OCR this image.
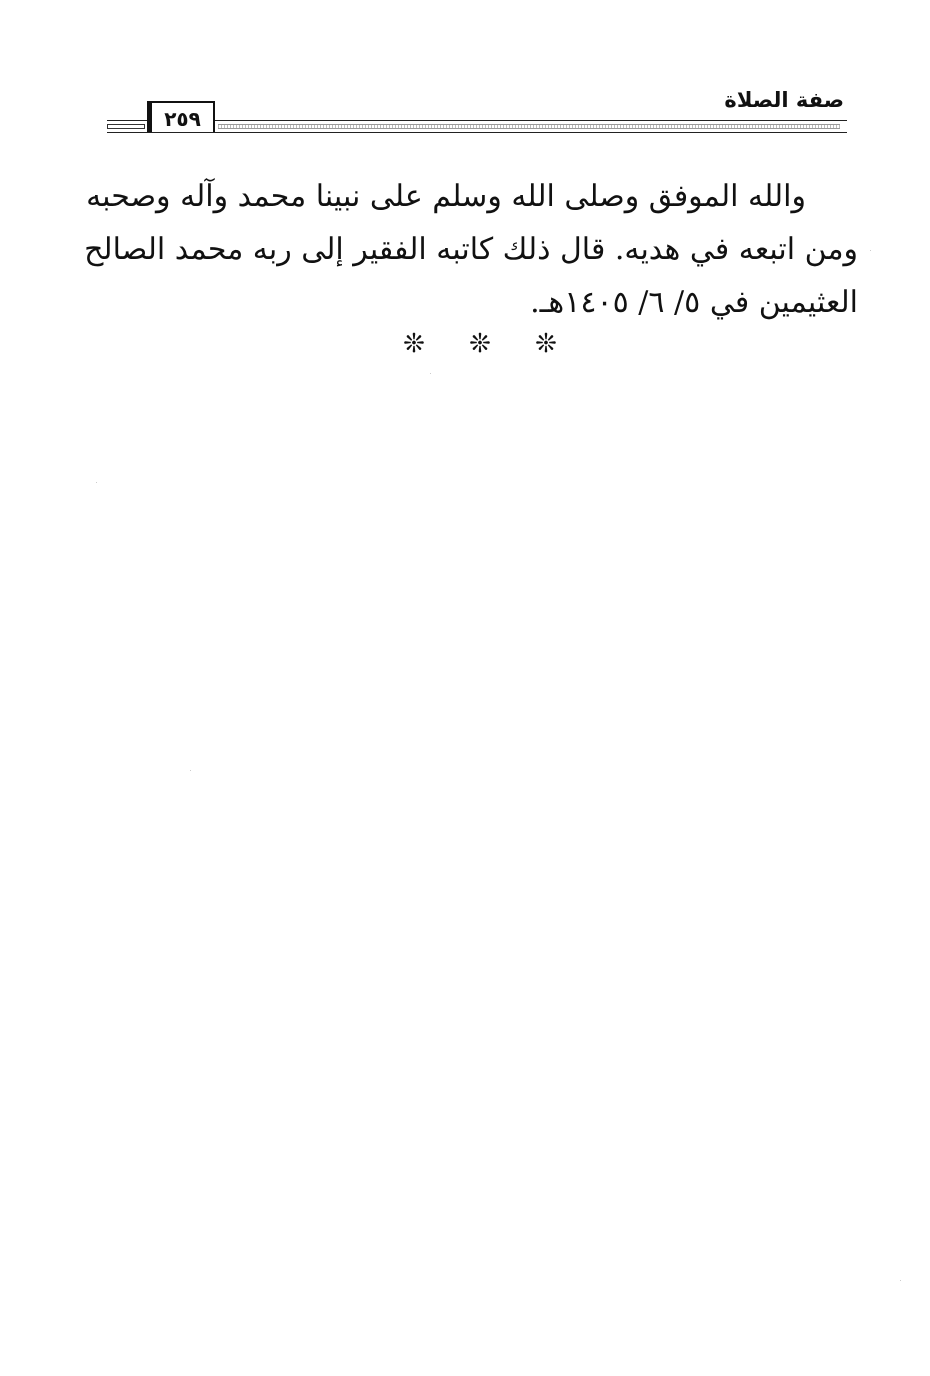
٢٥٩
صفة الصلاة
والله الموفق وصلى الله وسلم على نبينا محمد وآله وصحبه
ومن اتبعه في هديه. قال ذلك كاتبه الفقير إلى ربه محمد الصالح
العثيمين في ٥/ ٦/ ١٤٠٥هـ.
❊ ❊ ❊
